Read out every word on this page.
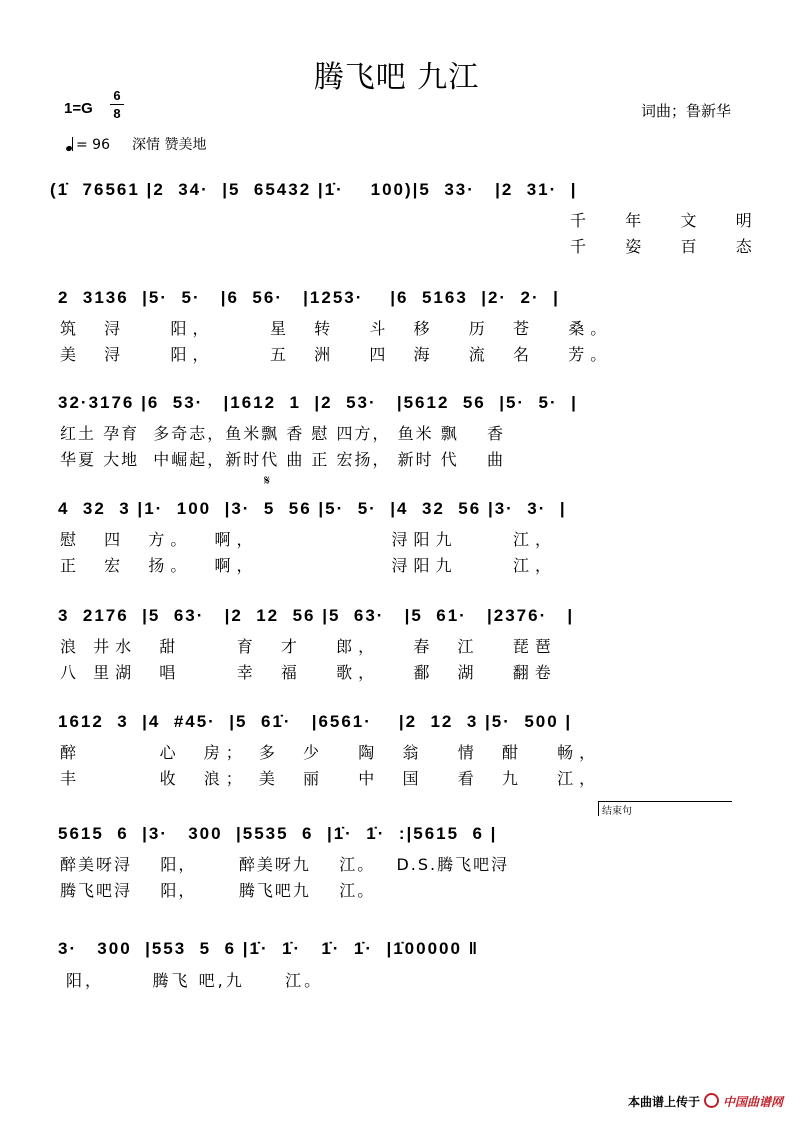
腾飞吧 九江
1=G
6
8	词曲；鲁新华
= 96 深情 赞美地
(1̇  76561 |2  34·  |5  65432 |1̇·    100)|5  33·   |2  31·  |
千   年   文   明
千   姿   百   态
2  3136  |5·  5·   |6  56·   |1253·    |6  5163  |2·  2·  |
筑  浔    阳，     星  转   斗  移   历  苍   桑。
美  浔    阳，     五  洲   四  海   流  名   芳。
32·3176 |6  53·   |1612  1  |2  53·   |5612  56  |5·  5·  |
红土 孕育  多奇志，鱼米飘 香 慰 四方， 鱼米 飘    香
华夏 大地  中崛起，新时代 曲 正 宏扬， 新时 代    曲
4  32  3 |1·  100  |3·  5  56 |5·  5·  |4  32  56 |3·  3·  |
𝄋
慰  四  方。  啊，            浔阳九     江，
正  宏  扬。  啊，            浔阳九     江，
3  2176  |5  63·   |2  12  56 |5  63·   |5  61·   |2376·   |
浪 井水  甜     育  才   郎，   春  江   琵琶
八 里湖  唱     幸  福   歌，   鄱  湖   翻卷
1612  3  |4  #45·  |5  61̇·   |6561·    |2  12  3 |5·  500 |
醉       心  房； 多  少   陶  翁   情  酣   畅，
丰       收  浪； 美  丽   中  国   看  九   江，
结束句
5615  6  |3·   300  |5535  6  |1̇·  1̇·  :|5615  6 |
醉美呀浔    阳，      醉美呀九    江。   D.S.腾飞吧浔
腾飞吧浔    阳，      腾飞吧九    江。
3·   300  |553  5  6 |1̇·  1̇·   1̇·  1̇·  |1̇00000 ‖
阳，      腾飞 吧,九     江。
本曲谱上传于 中国曲谱网
